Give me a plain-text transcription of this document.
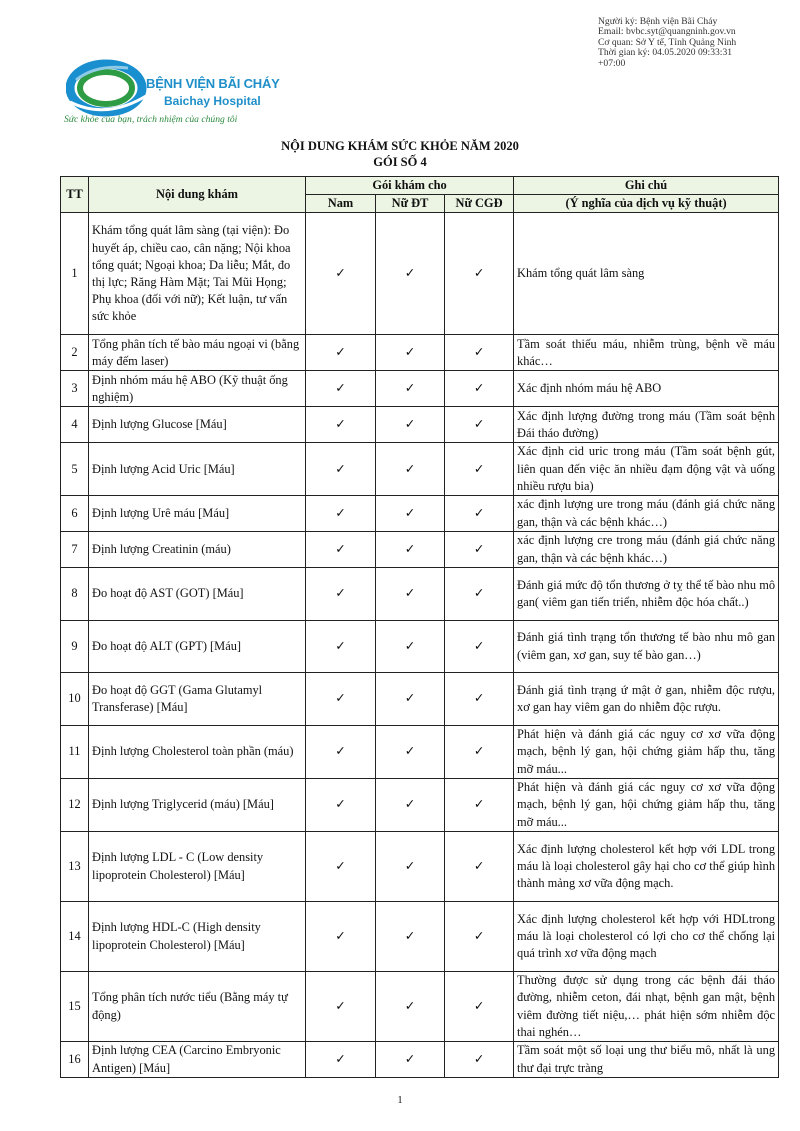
Người ký: Bệnh viện Bãi Cháy
Email: bvbc.syt@quangninh.gov.vn
Cơ quan: Sở Y tế, Tỉnh Quảng Ninh
Thời gian ký: 04.05.2020 09:33:31
+07:00
BỆNH VIỆN BÃI CHÁY
Baichay Hospital
Sức khỏe của bạn, trách nhiệm của chúng tôi
NỘI DUNG KHÁM SỨC KHỎE NĂM 2020
GÓI SỐ 4
TT	Nội dung khám	Gói khám cho			Ghi chú
		Nam	Nữ ĐT	Nữ CGĐ	(Ý nghĩa của dịch vụ kỹ thuật)
1	Khám tổng quát lâm sàng (tại viện): Đo huyết áp, chiều cao, cân nặng; Nội khoa tổng quát; Ngoại khoa; Da liễu; Mắt, đo thị lực; Răng Hàm Mặt; Tai Mũi Họng; Phụ khoa (đối với nữ); Kết luận, tư vấn sức khỏe	✓	✓	✓	Khám tổng quát lâm sàng
2	Tổng phân tích tế bào máu ngoại vi (bằng máy đếm laser)	✓	✓	✓	Tầm soát thiếu máu, nhiễm trùng, bệnh về máu khác…
3	Định nhóm máu hệ ABO (Kỹ thuật ống nghiệm)	✓	✓	✓	Xác định nhóm máu hệ ABO
4	Định lượng Glucose [Máu]	✓	✓	✓	Xác định lượng đường trong máu (Tầm soát bệnh Đái tháo đường)
5	Định lượng Acid Uric [Máu]	✓	✓	✓	Xác định cid uric trong máu (Tầm soát bệnh gút, liên quan đến việc ăn nhiều đạm động vật và uống nhiều rượu bia)
6	Định lượng Urê máu [Máu]	✓	✓	✓	xác định lượng ure trong máu (đánh giá chức năng gan, thận và các bệnh khác…)
7	Định lượng Creatinin (máu)	✓	✓	✓	xác định lượng cre trong máu (đánh giá chức năng gan, thận và các bệnh khác…)
8	Đo hoạt độ AST (GOT) [Máu]	✓	✓	✓	Đánh giá mức độ tổn thương ở tỵ thể tế bào nhu mô gan( viêm gan tiến triển, nhiễm độc hóa chất..)
9	Đo hoạt độ ALT (GPT) [Máu]	✓	✓	✓	Đánh giá tình trạng tổn thương tế bào nhu mô gan (viêm gan, xơ gan, suy tế bào gan…)
10	Đo hoạt độ GGT (Gama Glutamyl Transferase) [Máu]	✓	✓	✓	Đánh giá tình trạng ứ mật ở gan, nhiễm độc rượu, xơ gan hay viêm gan do nhiễm độc rượu.
11	Định lượng Cholesterol toàn phần (máu)	✓	✓	✓	Phát hiện và đánh giá các nguy cơ xơ vữa động mạch, bệnh lý gan, hội chứng giảm hấp thu, tăng mỡ máu...
12	Định lượng Triglycerid (máu) [Máu]	✓	✓	✓	Phát hiện và đánh giá các nguy cơ xơ vữa động mạch, bệnh lý gan, hội chứng giảm hấp thu, tăng mỡ máu...
13	Định lượng LDL - C (Low density lipoprotein Cholesterol) [Máu]	✓	✓	✓	Xác định lượng cholesterol kết hợp với LDL trong máu là loại cholesterol gây hại cho cơ thể giúp hình thành mảng xơ vữa động mạch.
14	Định lượng HDL-C (High density lipoprotein Cholesterol) [Máu]	✓	✓	✓	Xác định lượng cholesterol kết hợp với HDLtrong máu là loại cholesterol có lợi cho cơ thể chống lại quá trình xơ vữa động mạch
15	Tổng phân tích nước tiểu (Bằng máy tự động)	✓	✓	✓	Thường được sử dụng trong các bệnh đái tháo đường, nhiễm ceton, đái nhạt, bệnh gan mật, bệnh viêm đường tiết niệu,… phát hiện sớm nhiễm độc thai nghén…
16	Định lượng CEA (Carcino Embryonic Antigen) [Máu]	✓	✓	✓	Tầm soát một số loại ung thư biểu mô, nhất là ung thư đại trực tràng
1
